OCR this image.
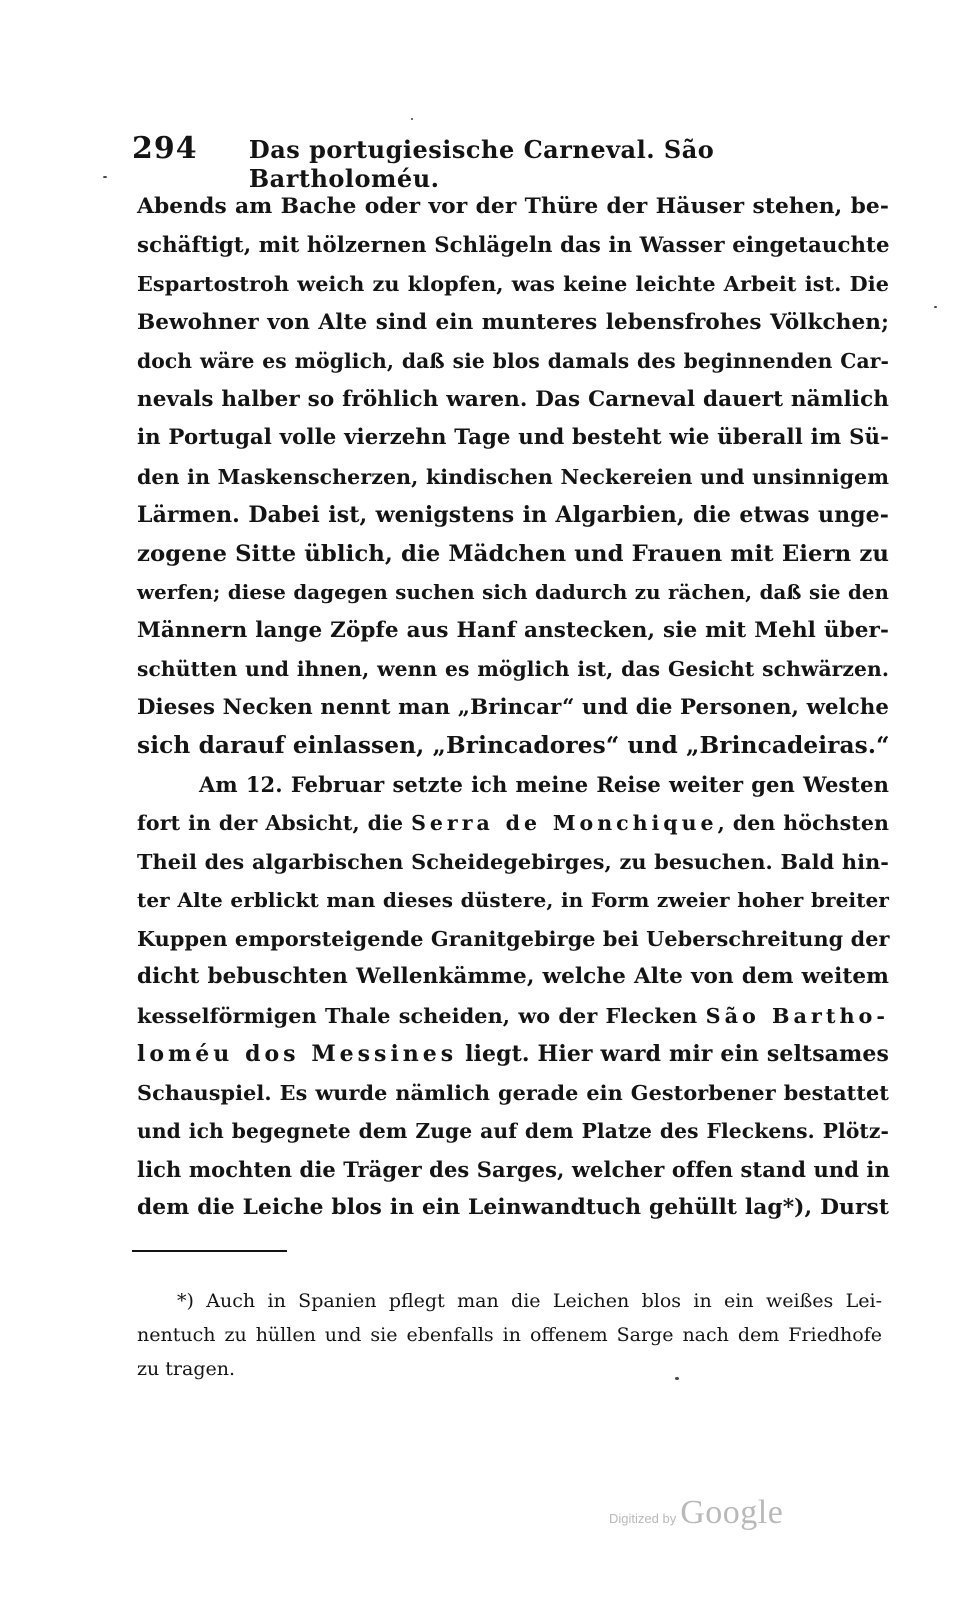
294	Das portugiesische Carneval. São Bartholoméu.
Abends am Bache oder vor der Thüre der Häuser stehen, be-
schäftigt, mit hölzernen Schlägeln das in Wasser eingetauchte
Espartostroh weich zu klopfen, was keine leichte Arbeit ist. Die
Bewohner von Alte sind ein munteres lebensfrohes Völkchen;
doch wäre es möglich, daß sie blos damals des beginnenden Car-
nevals halber so fröhlich waren. Das Carneval dauert nämlich
in Portugal volle vierzehn Tage und besteht wie überall im Sü-
den in Maskenscherzen, kindischen Neckereien und unsinnigem
Lärmen. Dabei ist, wenigstens in Algarbien, die etwas unge-
zogene Sitte üblich, die Mädchen und Frauen mit Eiern zu
werfen; diese dagegen suchen sich dadurch zu rächen, daß sie den
Männern lange Zöpfe aus Hanf anstecken, sie mit Mehl über-
schütten und ihnen, wenn es möglich ist, das Gesicht schwärzen.
Dieses Necken nennt man „Brincar“ und die Personen, welche
sich darauf einlassen, „Brincadores“ und „Brincadeiras.“
Am 12. Februar setzte ich meine Reise weiter gen Westen
fort in der Absicht, die Serra de Monchique, den höchsten
Theil des algarbischen Scheidegebirges, zu besuchen. Bald hin-
ter Alte erblickt man dieses düstere, in Form zweier hoher breiter
Kuppen emporsteigende Granitgebirge bei Ueberschreitung der
dicht bebuschten Wellenkämme, welche Alte von dem weitem
kesselförmigen Thale scheiden, wo der Flecken São Bartho-
loméu dos Messines liegt. Hier ward mir ein seltsames
Schauspiel. Es wurde nämlich gerade ein Gestorbener bestattet
und ich begegnete dem Zuge auf dem Platze des Fleckens. Plötz-
lich mochten die Träger des Sarges, welcher offen stand und in
dem die Leiche blos in ein Leinwandtuch gehüllt lag*), Durst
*) Auch in Spanien pflegt man die Leichen blos in ein weißes Lei-
nentuch zu hüllen und sie ebenfalls in offenem Sarge nach dem Friedhofe
zu tragen.
Digitized by Google
